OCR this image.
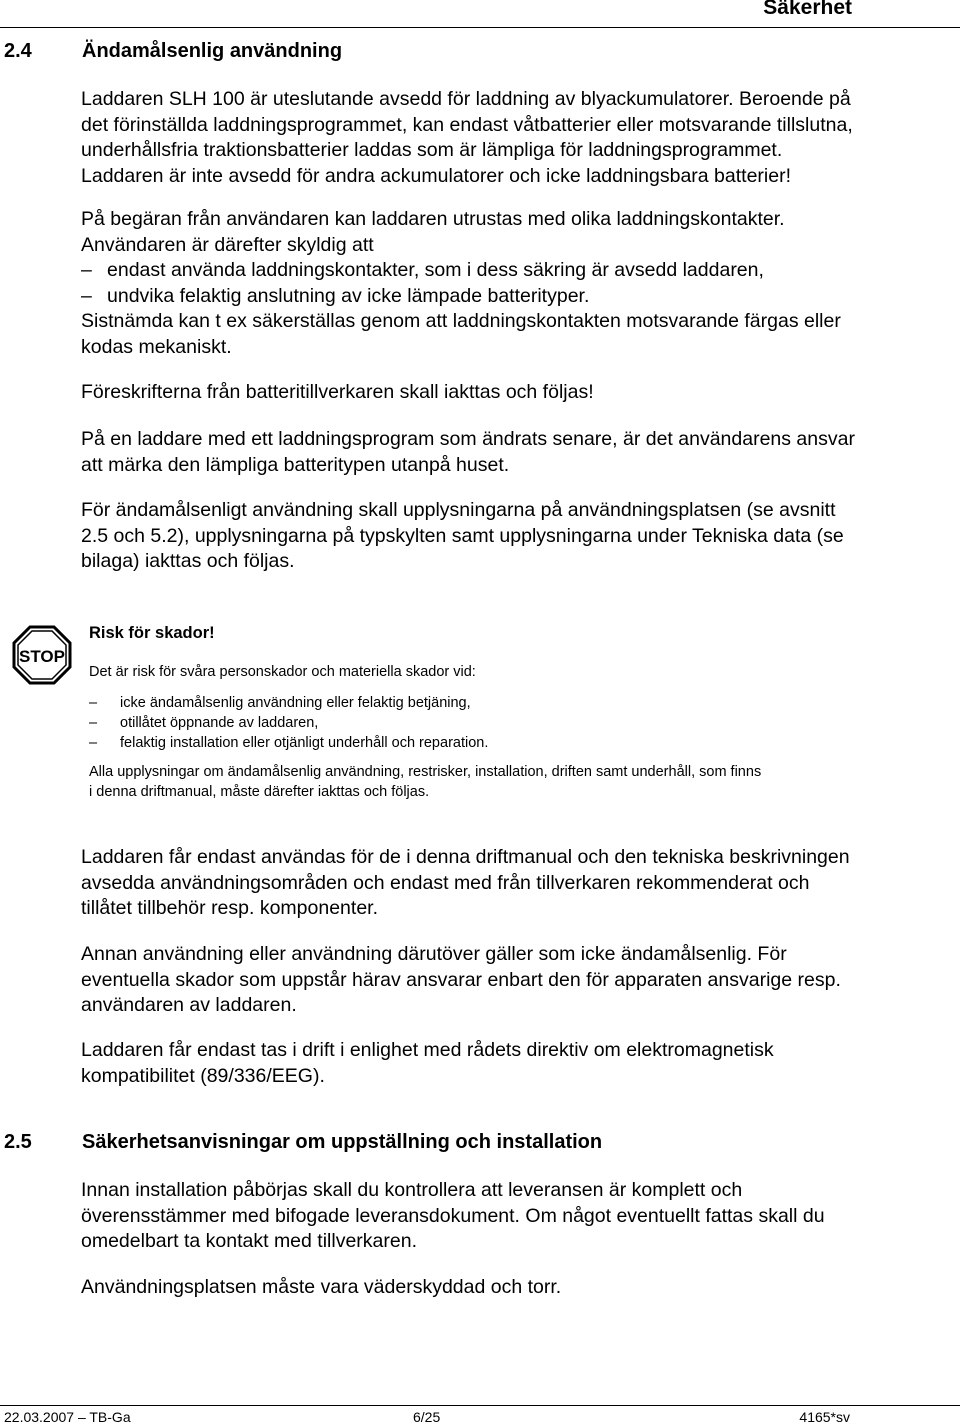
Säkerhet
2.4	Ändamålsenlig användning

Laddaren SLH 100 är uteslutande avsedd för laddning av blyackumulatorer. Beroende på

det förinställda laddningsprogrammet, kan endast våtbatterier eller motsvarande tillslutna,

underhållsfria traktionsbatterier laddas som är lämpliga för laddningsprogrammet.

Laddaren är inte avsedd för andra ackumulatorer och icke laddningsbara batterier!

På begäran från användaren kan laddaren utrustas med olika laddningskontakter.

Användaren är därefter skyldig att

– endast använda laddningskontakter, som i dess säkring är avsedd laddaren,
– undvika felaktig anslutning av icke lämpade batterityper.

Sistnämda kan t ex säkerställas genom att laddningskontakten motsvarande färgas eller

kodas mekaniskt.

Föreskrifterna från batteritillverkaren skall iakttas och följas!

På en laddare med ett laddningsprogram som ändrats senare, är det användarens ansvar

att märka den lämpliga batteritypen utanpå huset.

För ändamålsenligt användning skall upplysningarna på användningsplatsen (se avsnitt

2.5 och 5.2), upplysningarna på typskylten samt upplysningarna under Tekniska data (se

bilaga) iakttas och följas.

STOP

Risk för skador!

Det är risk för svåra personskador och materiella skador vid:

– icke ändamålsenlig användning eller felaktig betjäning,
– otillåtet öppnande av laddaren,
– felaktig installation eller otjänligt underhåll och reparation.

Alla upplysningar om ändamålsenlig användning, restrisker, installation, driften samt underhåll, som finns

i denna driftmanual, måste därefter iakttas och följas.

Laddaren får endast användas för de i denna driftmanual och den tekniska beskrivningen

avsedda användningsområden och endast med från tillverkaren rekommenderat och

tillåtet tillbehör resp. komponenter.

Annan användning eller användning därutöver gäller som icke ändamålsenlig. För

eventuella skador som uppstår härav ansvarar enbart den för apparaten ansvarige resp.

användaren av laddaren.

Laddaren får endast tas i drift i enlighet med rådets direktiv om elektromagnetisk

kompatibilitet (89/336/EEG).

2.5	Säkerhetsanvisningar om uppställning och installation

Innan installation påbörjas skall du kontrollera att leveransen är komplett och

överensstämmer med bifogade leveransdokument. Om något eventuellt fattas skall du

omedelbart ta kontakt med tillverkaren.

Användningsplatsen måste vara väderskyddad och torr.

22.03.2007 – TB-Ga	6/25	4165*sv
